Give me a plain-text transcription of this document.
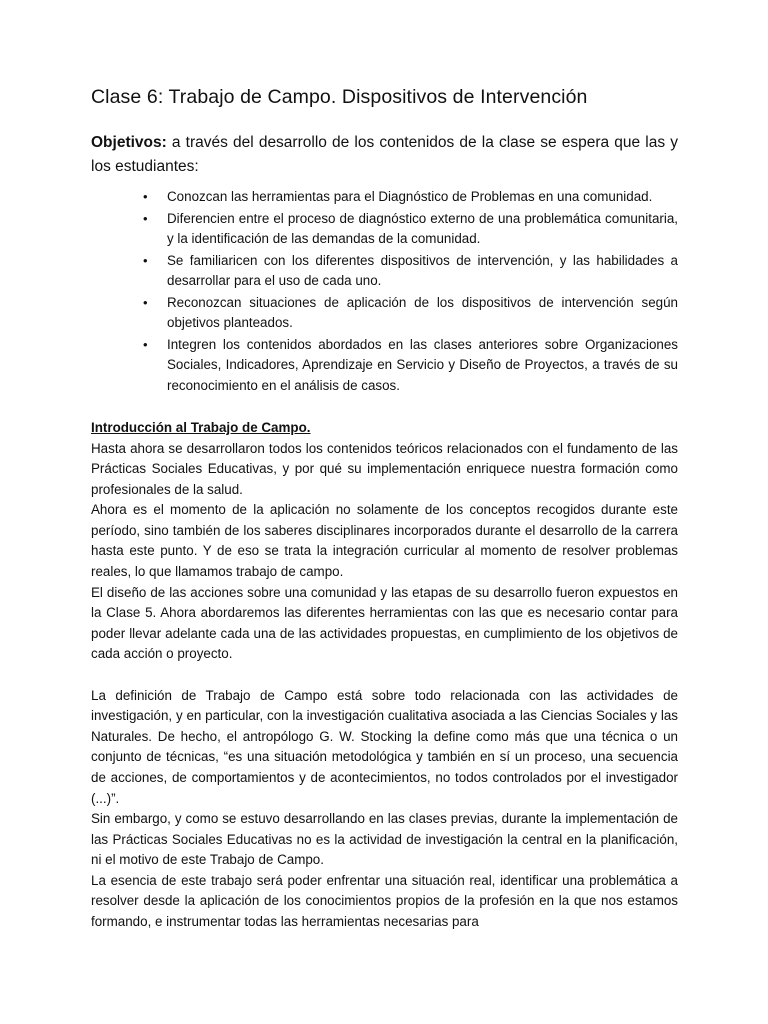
Clase 6: Trabajo de Campo. Dispositivos de Intervención

Objetivos: a través del desarrollo de los contenidos de la clase se espera que las y los estudiantes:

• Conozcan las herramientas para el Diagnóstico de Problemas en una comunidad.
• Diferencien entre el proceso de diagnóstico externo de una problemática comunitaria, y la identificación de las demandas de la comunidad.
• Se familiaricen con los diferentes dispositivos de intervención, y las habilidades a desarrollar para el uso de cada uno.
• Reconozcan situaciones de aplicación de los dispositivos de intervención según objetivos planteados.
• Integren los contenidos abordados en las clases anteriores sobre Organizaciones Sociales, Indicadores, Aprendizaje en Servicio y Diseño de Proyectos, a través de su reconocimiento en el análisis de casos.
Introducción al Trabajo de Campo.

Hasta ahora se desarrollaron todos los contenidos teóricos relacionados con el fundamento de las Prácticas Sociales Educativas, y por qué su implementación enriquece nuestra formación como profesionales de la salud.

Ahora es el momento de la aplicación no solamente de los conceptos recogidos durante este período, sino también de los saberes disciplinares incorporados durante el desarrollo de la carrera hasta este punto. Y de eso se trata la integración curricular al momento de resolver problemas reales, lo que llamamos trabajo de campo.

El diseño de las acciones sobre una comunidad y las etapas de su desarrollo fueron expuestos en la Clase 5. Ahora abordaremos las diferentes herramientas con las que es necesario contar para poder llevar adelante cada una de las actividades propuestas, en cumplimiento de los objetivos de cada acción o proyecto.

La definición de Trabajo de Campo está sobre todo relacionada con las actividades de investigación, y en particular, con la investigación cualitativa asociada a las Ciencias Sociales y las Naturales. De hecho, el antropólogo G. W. Stocking la define como más que una técnica o un conjunto de técnicas, “es una situación metodológica y también en sí un proceso, una secuencia de acciones, de comportamientos y de acontecimientos, no todos controlados por el investigador (...)”.

Sin embargo, y como se estuvo desarrollando en las clases previas, durante la implementación de las Prácticas Sociales Educativas no es la actividad de investigación la central en la planificación, ni el motivo de este Trabajo de Campo.

La esencia de este trabajo será poder enfrentar una situación real, identificar una problemática a resolver desde la aplicación de los conocimientos propios de la profesión en la que nos estamos formando, e instrumentar todas las herramientas necesarias para
